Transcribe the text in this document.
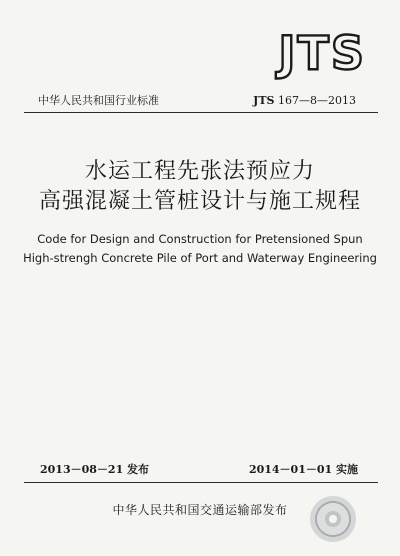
JTS
中华人民共和国行业标准	JTS 167—8—2013
水运工程先张法预应力
高强混凝土管桩设计与施工规程
Code for Design and Construction for Pretensioned Spun
High-strengh Concrete Pile of Port and Waterway Engineering
2013－08－21 发布	2014－01－01 实施
中华人民共和国交通运输部发布
